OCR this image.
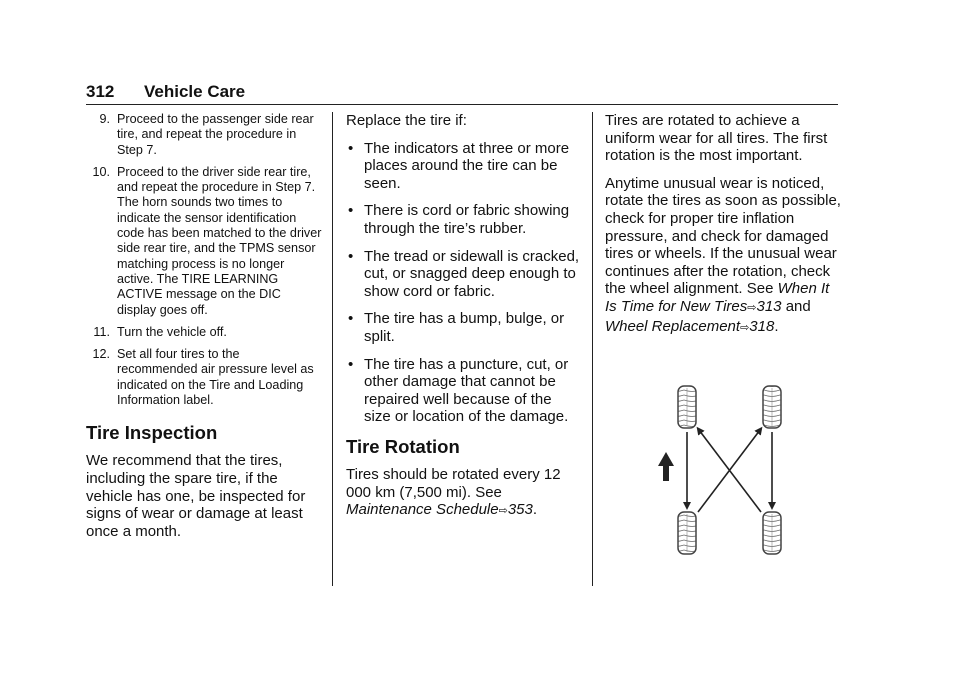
312 Vehicle Care
9. Proceed to the passenger side rear tire, and repeat the procedure in Step 7.
10. Proceed to the driver side rear tire, and repeat the procedure in Step 7. The horn sounds two times to indicate the sensor identification code has been matched to the driver side rear tire, and the TPMS sensor matching process is no longer active. The TIRE LEARNING ACTIVE message on the DIC display goes off.
11. Turn the vehicle off.
12. Set all four tires to the recommended air pressure level as indicated on the Tire and Loading Information label.
Tire Inspection

We recommend that the tires, including the spare tire, if the vehicle has one, be inspected for signs of wear or damage at least once a month.

Replace the tire if:

• The indicators at three or more places around the tire can be seen.
• There is cord or fabric showing through the tire’s rubber.
• The tread or sidewall is cracked, cut, or snagged deep enough to show cord or fabric.
• The tire has a bump, bulge, or split.
• The tire has a puncture, cut, or other damage that cannot be repaired well because of the size or location of the damage.
Tire Rotation

Tires should be rotated every 12 000 km (7,500 mi). See Maintenance Schedule⇨353.

Tires are rotated to achieve a uniform wear for all tires. The first rotation is the most important.

Anytime unusual wear is noticed, rotate the tires as soon as possible, check for proper tire inflation pressure, and check for damaged tires or wheels. If the unusual wear continues after the rotation, check the wheel alignment. See When It Is Time for New Tires⇨313 and Wheel Replacement⇨318.
